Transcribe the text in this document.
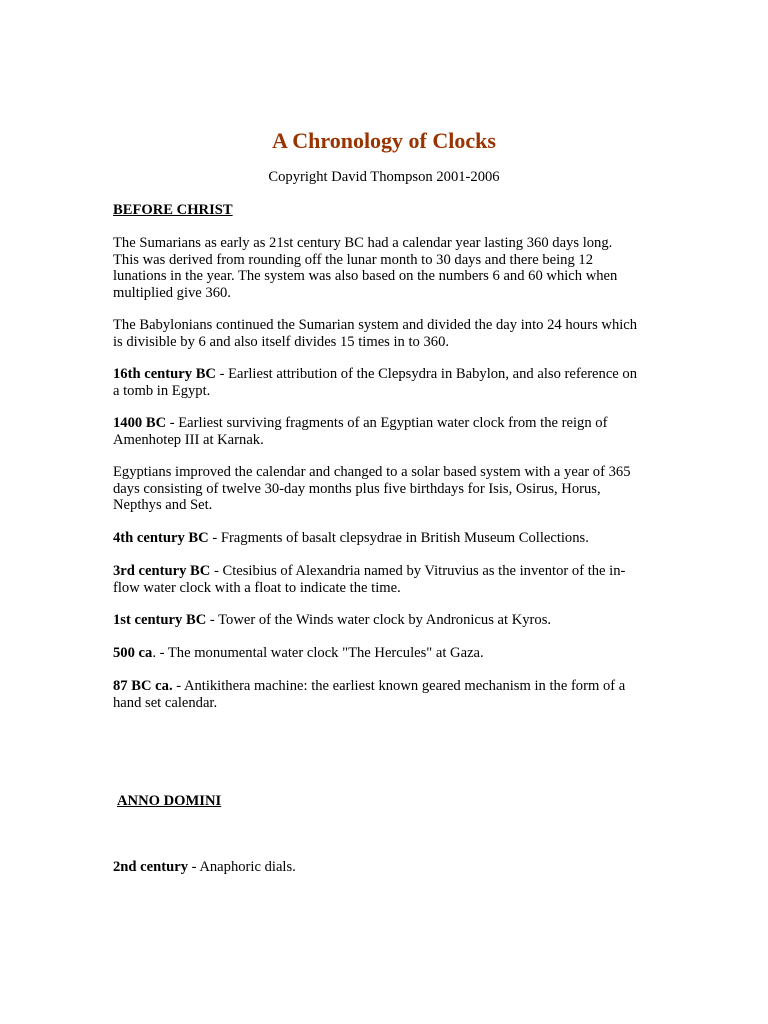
A Chronology of Clocks
Copyright David Thompson 2001-2006
BEFORE CHRIST
The Sumarians as early as 21st century BC had a calendar year lasting 360 days long.
This was derived from rounding off the lunar month to 30 days and there being 12
lunations in the year. The system was also based on the numbers 6 and 60 which when
multiplied give 360.
The Babylonians continued the Sumarian system and divided the day into 24 hours which
is divisible by 6 and also itself divides 15 times in to 360.
16th century BC - Earliest attribution of the Clepsydra in Babylon, and also reference on
a tomb in Egypt.
1400 BC - Earliest surviving fragments of an Egyptian water clock from the reign of
Amenhotep III at Karnak.
Egyptians improved the calendar and changed to a solar based system with a year of 365
days consisting of twelve 30-day months plus five birthdays for Isis, Osirus, Horus,
Nepthys and Set.
4th century BC - Fragments of basalt clepsydrae in British Museum Collections.
3rd century BC - Ctesibius of Alexandria named by Vitruvius as the inventor of the in-
flow water clock with a float to indicate the time.
1st century BC - Tower of the Winds water clock by Andronicus at Kyros.
500 ca. - The monumental water clock "The Hercules" at Gaza.
87 BC ca. - Antikithera machine: the earliest known geared mechanism in the form of a
hand set calendar.
ANNO DOMINI
2nd century - Anaphoric dials.
